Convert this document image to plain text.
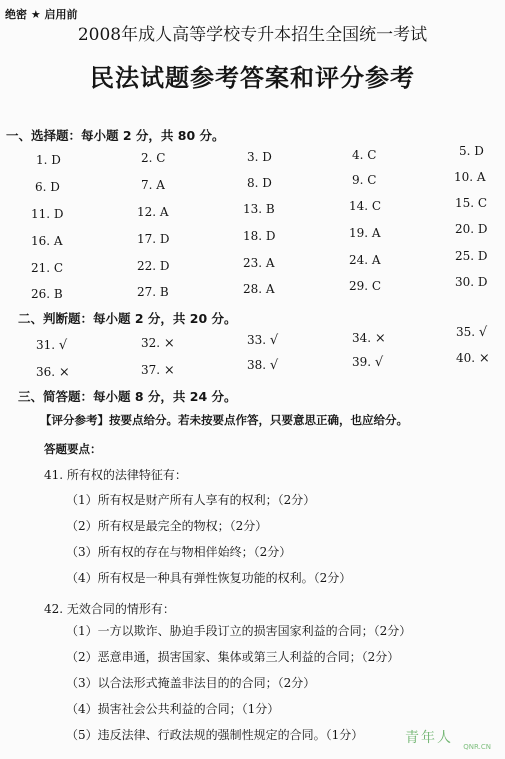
绝密 ★ 启用前
2008年成人高等学校专升本招生全国统一考试
民法试题参考答案和评分参考
一、选择题：每小题 2 分，共 80 分。
1. D	2. C	3. D	4. C	5. D
6. D	7. A	8. D	9. C	10. A
11. D	12. A	13. B	14. C	15. C
16. A	17. D	18. D	19. A	20. D
21. C	22. D	23. A	24. A	25. D
26. B	27. B	28. A	29. C	30. D
二、判断题：每小题 2 分，共 20 分。
31. √	32. ×	33. √	34. ×	35. √
36. ×	37. ×	38. √	39. √	40. ×
三、简答题：每小题 8 分，共 24 分。
【评分参考】按要点给分。若未按要点作答，只要意思正确，也应给分。
答题要点：
41. 所有权的法律特征有：
（1）所有权是财产所有人享有的权利；（2分）
（2）所有权是最完全的物权；（2分）
（3）所有权的存在与物相伴始终；（2分）
（4）所有权是一种具有弹性恢复功能的权利。（2分）
42. 无效合同的情形有：
（1）一方以欺诈、胁迫手段订立的损害国家利益的合同；（2分）
（2）恶意串通，损害国家、集体或第三人利益的合同；（2分）
（3）以合法形式掩盖非法目的的合同；（2分）
（4）损害社会公共利益的合同；（1分）
（5）违反法律、行政法规的强制性规定的合同。（1分）	青年人
QNR.CN
